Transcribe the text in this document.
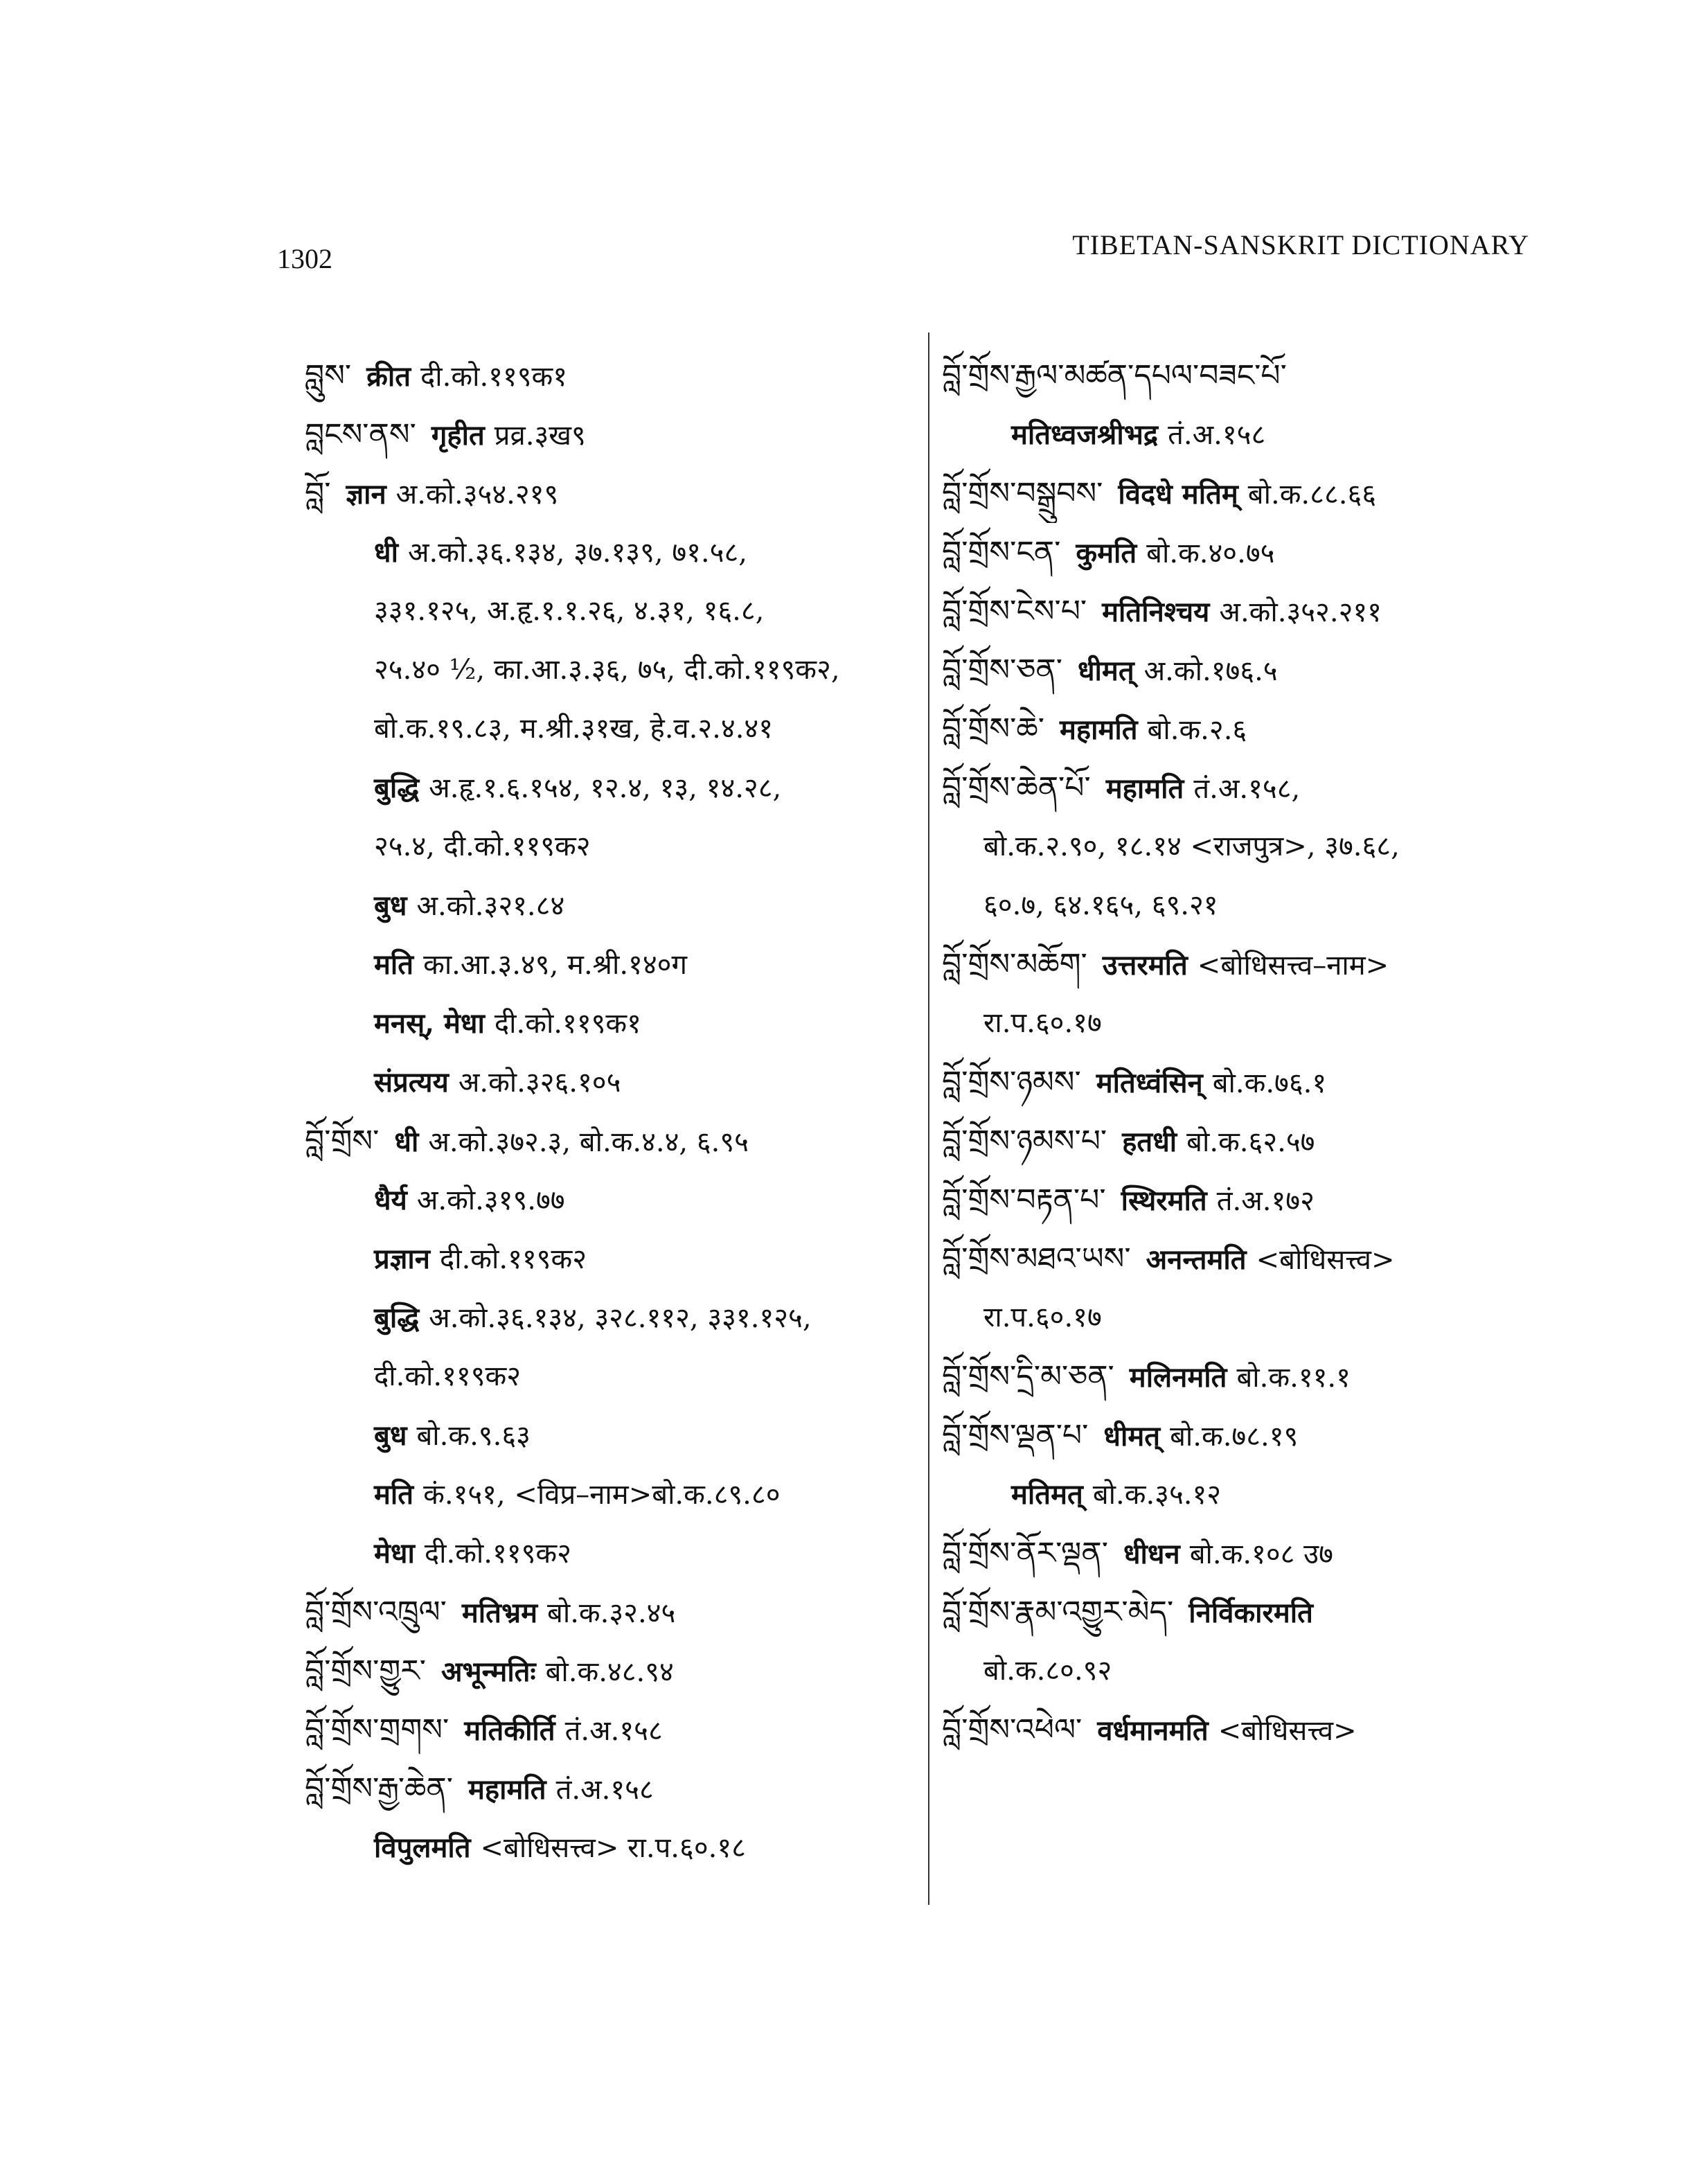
1302	TIBETAN-SANSKRIT DICTIONARY
བླུས་ क्रीत दी.को.११९क१
བླངས་ནས་ गृहीत प्रव्र.३ख९
བློ་ ज्ञान अ.को.३५४.२१९
धी अ.को.३६.१३४, ३७.१३९, ७१.५८,
३३१.१२५, अ.हृ.१.१.२६, ४.३१, १६.८,
२५.४० ½, का.आ.३.३६, ७५, दी.को.११९क२,
बो.क.१९.८३, म.श्री.३१ख, हे.व.२.४.४१
बुद्धि अ.हृ.१.६.१५४, १२.४, १३, १४.२८,
२५.४, दी.को.११९क२
बुध अ.को.३२१.८४
मति का.आ.३.४९, म.श्री.१४०ग
मनस्, मेधा दी.को.११९क१
संप्रत्यय अ.को.३२६.१०५
བློ་གྲོས་ धी अ.को.३७२.३, बो.क.४.४, ६.९५
धैर्य अ.को.३१९.७७
प्रज्ञान दी.को.११९क२
बुद्धि अ.को.३६.१३४, ३२८.११२, ३३१.१२५,
दी.को.११९क२
बुध बो.क.९.६३
मति कं.१५१, <विप्र–नाम>बो.क.८९.८०
मेधा दी.को.११९क२
བློ་གྲོས་འཁྲུལ་ मतिभ्रम बो.क.३२.४५
བློ་གྲོས་གྱུར་ अभून्मतिः बो.क.४८.९४
བློ་གྲོས་གྲགས་ मतिकीर्ति तं.अ.१५८
བློ་གྲོས་རྒྱ་ཆེན་ महामति तं.अ.१५८
विपुलमति <बोधिसत्त्व> रा.प.६०.१८
བློ་གྲོས་རྒྱལ་མཚན་དཔལ་བཟང་པོ་
मतिध्वजश्रीभद्र तं.अ.१५८
བློ་གྲོས་བསྒྲུབས་ विदधे मतिम् बो.क.८८.६६
བློ་གྲོས་ངན་ कुमति बो.क.४०.७५
བློ་གྲོས་ངེས་པ་ मतिनिश्चय अ.को.३५२.२११
བློ་གྲོས་ཅན་ धीमत् अ.को.१७६.५
བློ་གྲོས་ཆེ་ महामति बो.क.२.६
བློ་གྲོས་ཆེན་པོ་ महामति तं.अ.१५८,
बो.क.२.९०, १८.१४ <राजपुत्र>, ३७.६८,
६०.७, ६४.१६५, ६९.२१
བློ་གྲོས་མཆོག་ उत्तरमति <बोधिसत्त्व–नाम>
रा.प.६०.१७
བློ་གྲོས་ཉམས་ मतिध्वंसिन् बो.क.७६.१
བློ་གྲོས་ཉམས་པ་ हतधी बो.क.६२.५७
བློ་གྲོས་བརྟན་པ་ स्थिरमति तं.अ.१७२
བློ་གྲོས་མཐའ་ཡས་ अनन्तमति <बोधिसत्त्व>
रा.प.६०.१७
བློ་གྲོས་དྲི་མ་ཅན་ मलिनमति बो.क.११.१
བློ་གྲོས་ལྡན་པ་ धीमत् बो.क.७८.१९
मतिमत् बो.क.३५.१२
བློ་གྲོས་ནོར་ལྡན་ धीधन बो.क.१०८ उ७
བློ་གྲོས་རྣམ་འགྱུར་མེད་ निर्विकारमति
बो.क.८०.९२
བློ་གྲོས་འཕེལ་ वर्धमानमति <बोधिसत्त्व>
